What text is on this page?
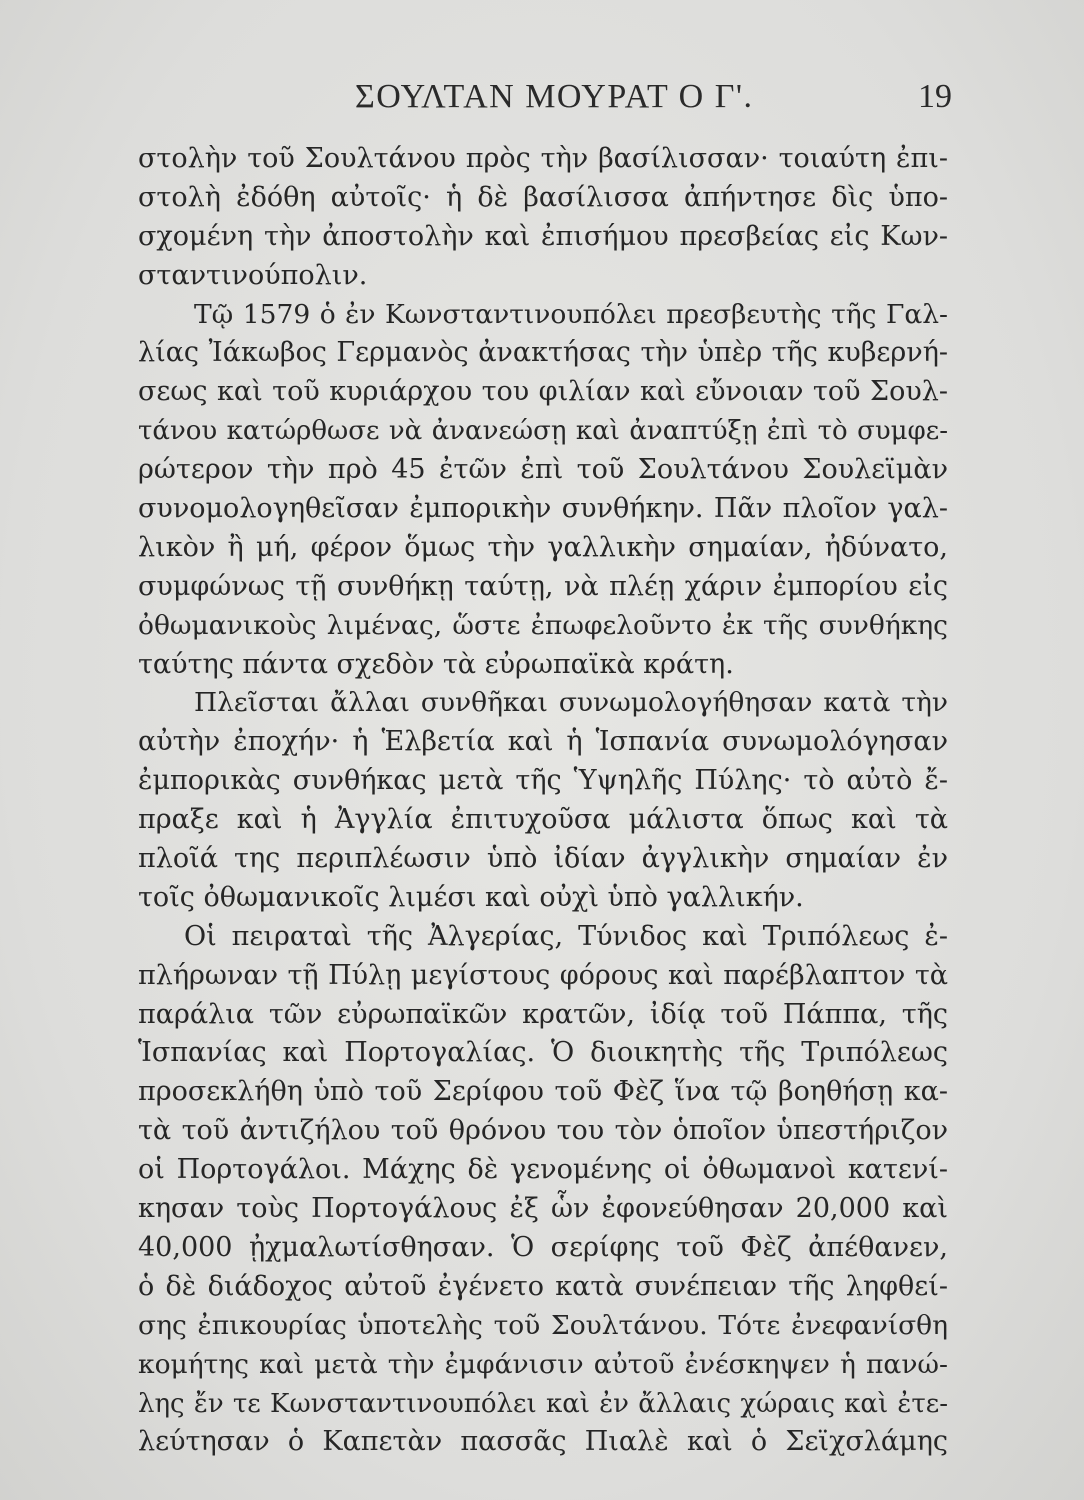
ΣΟΥΛΤΑΝ ΜΟΥΡΑΤ Ο Γ'.	19
στολὴν τοῦ Σουλτάνου πρὸς τὴν βασίλισσαν· τοιαύτη ἐπι-
στολὴ ἐδόθη αὐτοῖς· ἡ δὲ βασίλισσα ἀπήντησε δὶς ὑπο-
σχομένη τὴν ἀποστολὴν καὶ ἐπισήμου πρεσβείας εἰς Κων-
σταντινούπολιν.
Τῷ 1579 ὁ ἐν Κωνσταντινουπόλει πρεσβευτὴς τῆς Γαλ-
λίας Ἰάκωβος Γερμανὸς ἀνακτήσας τὴν ὑπὲρ τῆς κυβερνή-
σεως καὶ τοῦ κυριάρχου του φιλίαν καὶ εὔνοιαν τοῦ Σουλ-
τάνου κατώρθωσε νὰ ἀνανεώσῃ καὶ ἀναπτύξῃ ἐπὶ τὸ συμφε-
ρώτερον τὴν πρὸ 45 ἐτῶν ἐπὶ τοῦ Σουλτάνου Σουλεϊμὰν
συνομολογηθεῖσαν ἐμπορικὴν συνθήκην. Πᾶν πλοῖον γαλ-
λικὸν ἢ μή, φέρον ὅμως τὴν γαλλικὴν σημαίαν, ἠδύνατο,
συμφώνως τῇ συνθήκῃ ταύτῃ, νὰ πλέῃ χάριν ἐμπορίου εἰς
ὀθωμανικοὺς λιμένας, ὥστε ἐπωφελοῦντο ἐκ τῆς συνθήκης
ταύτης πάντα σχεδὸν τὰ εὐρωπαϊκὰ κράτη.
Πλεῖσται ἄλλαι συνθῆκαι συνωμολογήθησαν κατὰ τὴν
αὐτὴν ἐποχήν· ἡ Ἑλβετία καὶ ἡ Ἱσπανία συνωμολόγησαν
ἐμπορικὰς συνθήκας μετὰ τῆς Ὑψηλῆς Πύλης· τὸ αὐτὸ ἔ-
πραξε καὶ ἡ Ἀγγλία ἐπιτυχοῦσα μάλιστα ὅπως καὶ τὰ
πλοῖά της περιπλέωσιν ὑπὸ ἰδίαν ἀγγλικὴν σημαίαν ἐν
τοῖς ὀθωμανικοῖς λιμέσι καὶ οὐχὶ ὑπὸ γαλλικήν.
Οἱ πειραταὶ τῆς Ἀλγερίας, Τύνιδος καὶ Τριπόλεως ἐ-
πλήρωναν τῇ Πύλῃ μεγίστους φόρους καὶ παρέβλαπτον τὰ
παράλια τῶν εὐρωπαϊκῶν κρατῶν, ἰδίᾳ τοῦ Πάππα, τῆς
Ἱσπανίας καὶ Πορτογαλίας. Ὁ διοικητὴς τῆς Τριπόλεως
προσεκλήθη ὑπὸ τοῦ Σερίφου τοῦ Φὲζ ἵνα τῷ βοηθήσῃ κα-
τὰ τοῦ ἀντιζήλου τοῦ θρόνου του τὸν ὁποῖον ὑπεστήριζον
οἱ Πορτογάλοι. Μάχης δὲ γενομένης οἱ ὀθωμανοὶ κατενί-
κησαν τοὺς Πορτογάλους ἐξ ὧν ἐφονεύθησαν 20,000 καὶ
40,000 ᾐχμαλωτίσθησαν. Ὁ σερίφης τοῦ Φὲζ ἀπέθανεν,
ὁ δὲ διάδοχος αὐτοῦ ἐγένετο κατὰ συνέπειαν τῆς ληφθεί-
σης ἐπικουρίας ὑποτελὴς τοῦ Σουλτάνου. Τότε ἐνεφανίσθη
κομήτης καὶ μετὰ τὴν ἐμφάνισιν αὐτοῦ ἐνέσκηψεν ἡ πανώ-
λης ἔν τε Κωνσταντινουπόλει καὶ ἐν ἄλλαις χώραις καὶ ἐτε-
λεύτησαν ὁ Καπετὰν πασσᾶς Πιαλὲ καὶ ὁ Σεϊχσλάμης
